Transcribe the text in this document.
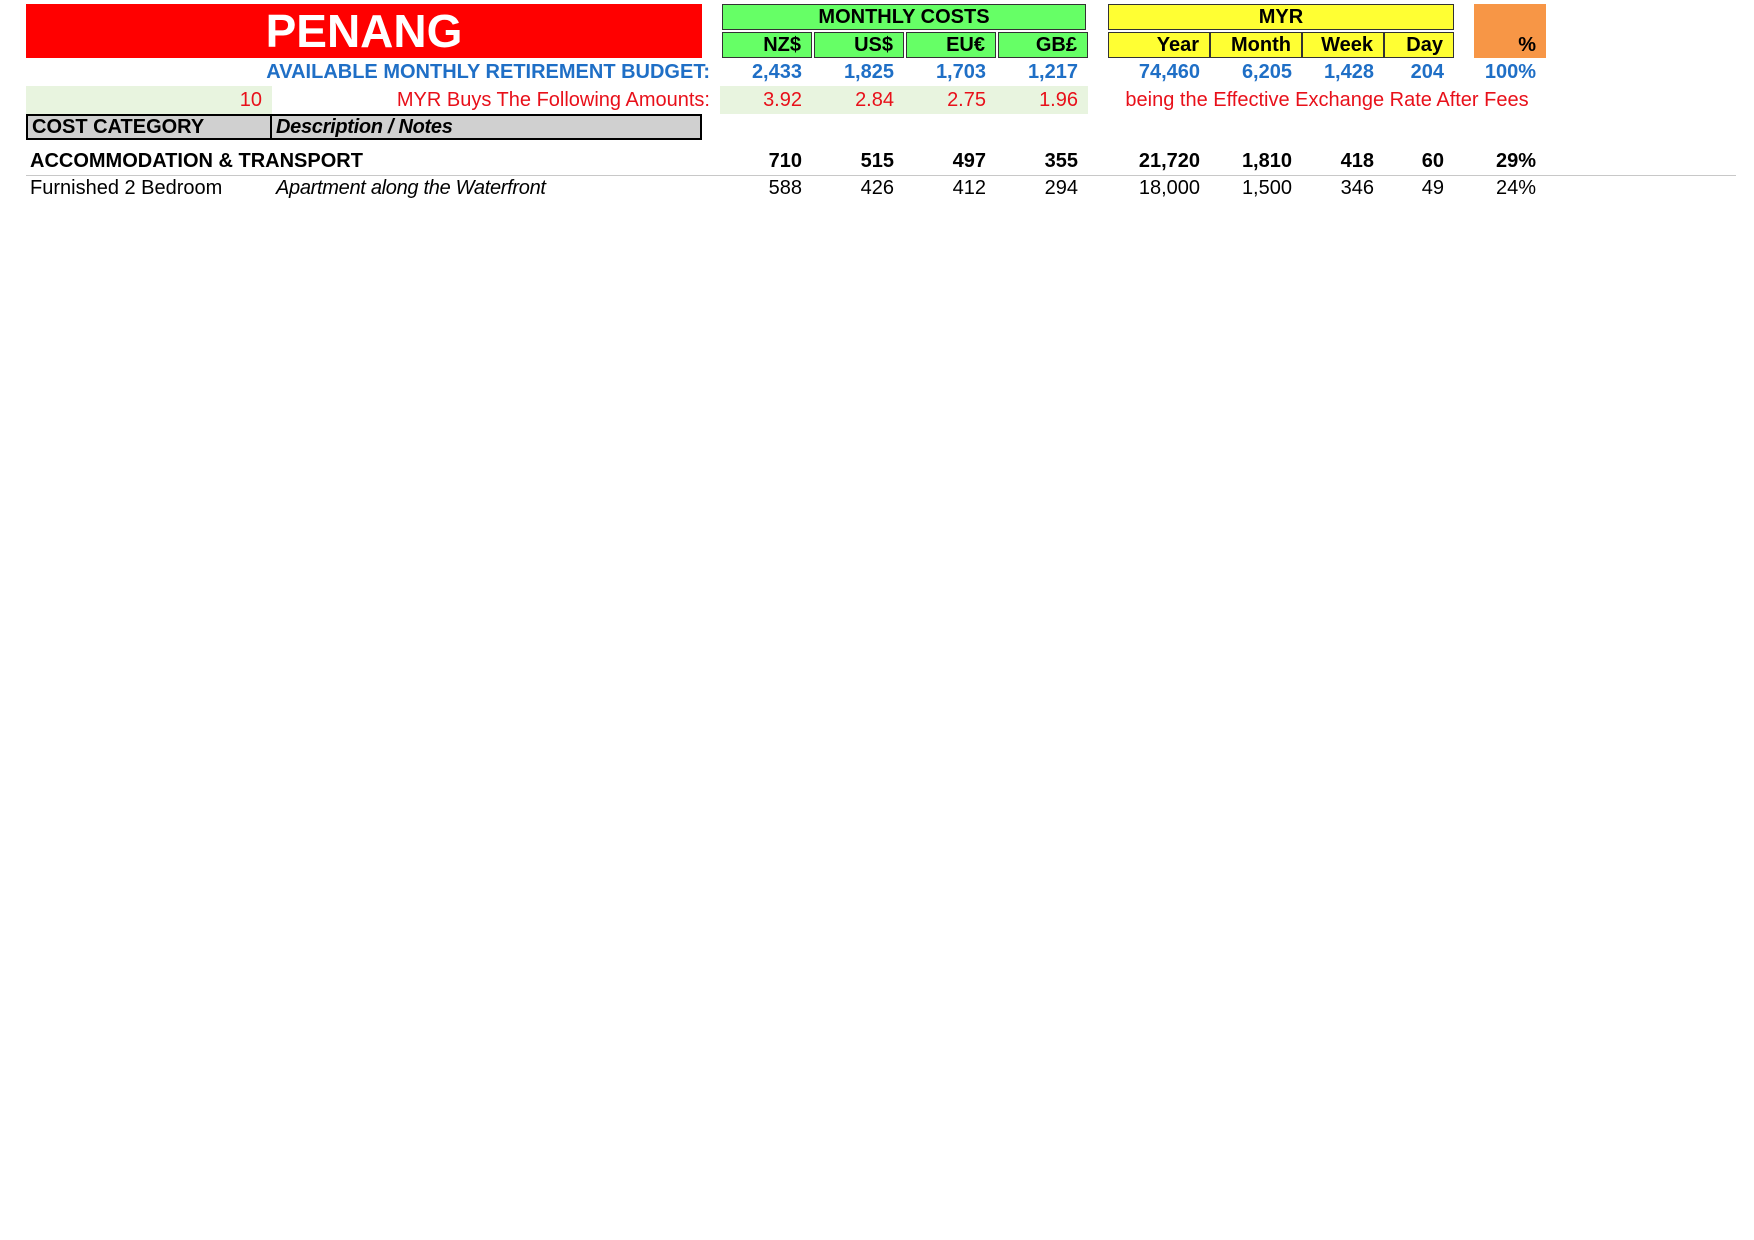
PENANG	MONTHLY COSTS	MYR
NZ$	US$	EU€	GB£	Year	Month	Week	Day	%
AVAILABLE MONTHLY RETIREMENT BUDGET:	2,433	1,825	1,703	1,217	74,460	6,205	1,428	204	100%
10	MYR Buys The Following Amounts:	3.92	2.84	2.75	1.96	being the Effective Exchange Rate After Fees
COST CATEGORY	Description / Notes
ACCOMMODATION & TRANSPORT	710	515	497	355	21,720	1,810	418	60	29%
Furnished 2 Bedroom	Apartment along the Waterfront	588	426	412	294	18,000	1,500	346	49	24%
